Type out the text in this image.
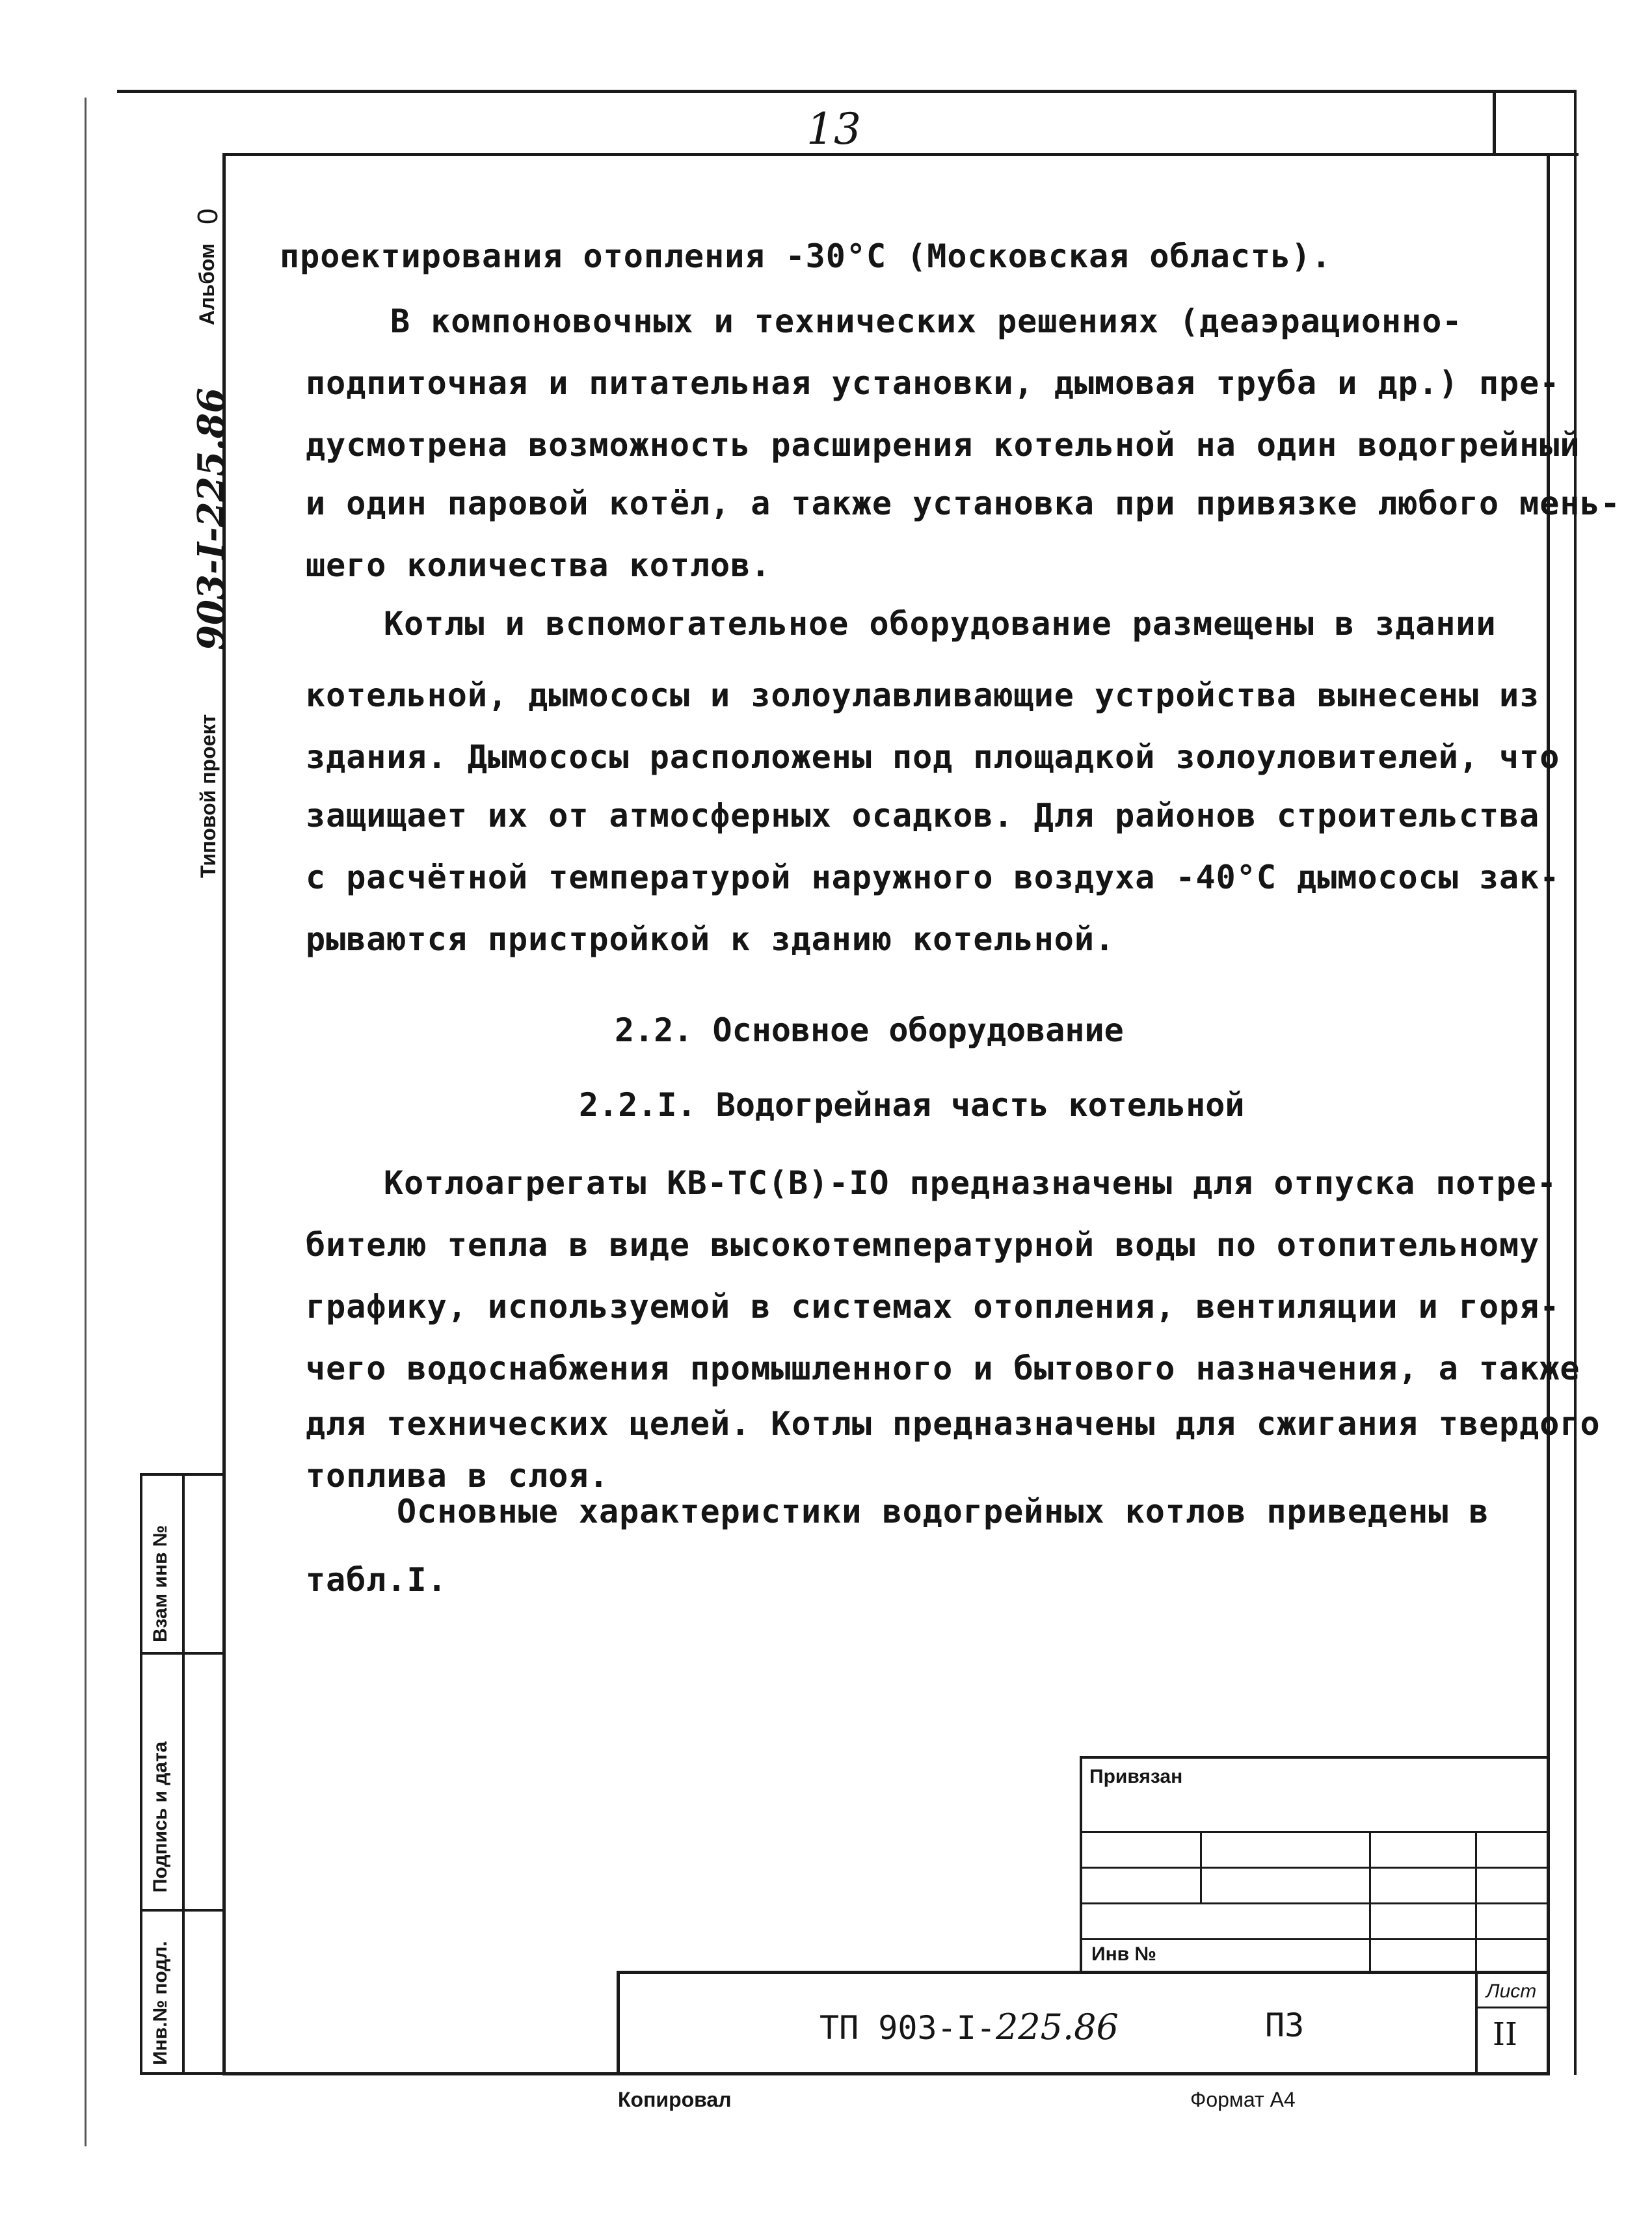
13
Альбом
0
903-I-225.86
Типовой проект
проектирования отопления -30°С (Московская область).
В компоновочных и технических решениях (деаэрационно-
подпиточная и питательная установки, дымовая труба и др.) пре-
дусмотрена возможность расширения котельной на один водогрейный
и один паровой котёл, а также установка при привязке любого мень-
шего количества котлов.
Котлы и вспомогательное оборудование размещены в здании
котельной, дымососы и золоулавливающие устройства вынесены из
здания. Дымососы расположены под площадкой золоуловителей, что
защищает их от атмосферных осадков. Для районов строительства
с расчётной температурой наружного воздуха -40°С дымососы зак-
рываются пристройкой к зданию котельной.
2.2. Основное оборудование
2.2.I. Водогрейная часть котельной
Котлоагрегаты КВ-ТС(В)-IO предназначены для отпуска потре-
бителю тепла в виде высокотемпературной воды по отопительному
графику, используемой в системах отопления, вентиляции и горя-
чего водоснабжения промышленного и бытового назначения, а также
для технических целей. Котлы предназначены для сжигания твердого
топлива в слоя.
Основные характеристики водогрейных котлов приведены в
табл.I.
Взам инв №
Подпись и дата
Инв.№ подл.
Привязан
Инв №
ТП 903-I-225.86	ПЗ
Лист
II
Копировал	Формат А4
